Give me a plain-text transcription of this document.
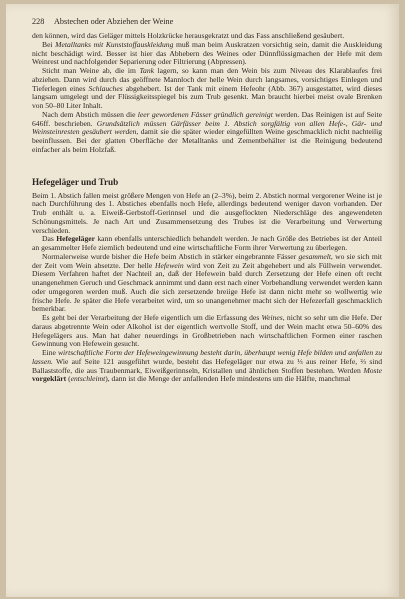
228 Abstechen oder Abziehen der Weine

den können, wird das Geläger mittels Holzkrücke herausgekratzt und das Fass anschließend gesäubert.

Bei Metalltanks mit Kunststoffauskleidung muß man beim Auskratzen vorsichtig sein, damit die Auskleidung nicht beschädigt wird. Besser ist hier das Abhebern des Weines oder Dünnflüssigmachen der Hefe mit dem Weinrest und nachfolgender Separierung oder Filtrierung (Abpressen).

Sticht man Weine ab, die im Tank lagern, so kann man den Wein bis zum Niveau des Klarablaufes frei abziehen. Dann wird durch das geöffnete Mannloch der helle Wein durch langsames, vorsichtiges Einlegen und Tieferlegen eines Schlauches abgehebert. Ist der Tank mit einem Hefeohr (Abb. 367) ausgestattet, wird dieses langsam umgelegt und der Flüssigkeitsspiegel bis zum Trub gesenkt. Man braucht hierbei meist ovale Brenken von 50–80 Liter Inhalt.

Nach dem Abstich müssen die leer gewordenen Fässer gründlich gereinigt werden. Das Reinigen ist auf Seite 646ff. beschrieben. Grundsätzlich müssen Gärfässer beim 1. Abstich sorgfältig von allen Hefe-, Gär- und Weinsteinresten gesäubert werden, damit sie die später wieder eingefüllten Weine geschmacklich nicht nachteilig beeinflussen. Bei der glatten Oberfläche der Metalltanks und Zementbehälter ist die Reinigung bedeutend einfacher als beim Holzfaß.

Hefegeläger und Trub

Beim 1. Abstich fallen meist größere Mengen von Hefe an (2–3%), beim 2. Abstich normal vergorener Weine ist je nach Durchführung des 1. Abstiches ebenfalls noch Hefe, allerdings bedeutend weniger davon vorhanden. Der Trub enthält u. a. Eiweiß-Gerbstoff-Gerinnsel und die ausgeflockten Niederschläge des angewendeten Schönungsmittels. Je nach Art und Zusammensetzung des Trubes ist die Verarbeitung und Verwertung verschieden.

Das Hefegeläger kann ebenfalls unterschiedlich behandelt werden. Je nach Größe des Betriebes ist der Anteil an gesammelter Hefe ziemlich bedeutend und eine wirtschaftliche Form ihrer Verwertung zu überlegen.

Normalerweise wurde bisher die Hefe beim Abstich in stärker eingebrannte Fässer gesammelt, wo sie sich mit der Zeit vom Wein absetzte. Der helle Hefewein wird von Zeit zu Zeit abgehebert und als Füllwein verwendet. Diesem Verfahren haftet der Nachteil an, daß der Hefewein bald durch Zersetzung der Hefe einen oft recht unangenehmen Geruch und Geschmack annimmt und dann erst nach einer Vorbehandlung verwendet werden kann oder umgegoren werden muß. Auch die sich zersetzende breiige Hefe ist dann nicht mehr so wollwertig wie frische Hefe. Je später die Hefe verarbeitet wird, um so unangenehmer macht sich der Hefezerfall geschmacklich bemerkbar.

Es geht bei der Verarbeitung der Hefe eigentlich um die Erfassung des Weines, nicht so sehr um die Hefe. Der daraus abgetrennte Wein oder Alkohol ist der eigentlich wertvolle Stoff, und der Wein macht etwa 50–60% des Hefegelägers aus. Man hat daher neuerdings in Großbetrieben nach wirtschaftlichen Formen einer raschen Gewinnung von Hefewein gesucht.

Eine wirtschaftliche Form der Hefeweingewinnung besteht darin, überhaupt wenig Hefe bilden und anfallen zu lassen. Wie auf Seite 121 ausgeführt wurde, besteht das Hefegeläger nur etwa zu ⅓ aus reiner Hefe, ⅔ sind Ballaststoffe, die aus Traubenmark, Eiweißgerinnseln, Kristallen und ähnlichen Stoffen bestehen. Werden Moste vorgeklärt (entschleimt), dann ist die Menge der anfallenden Hefe mindestens um die Hälfte, manchmal
